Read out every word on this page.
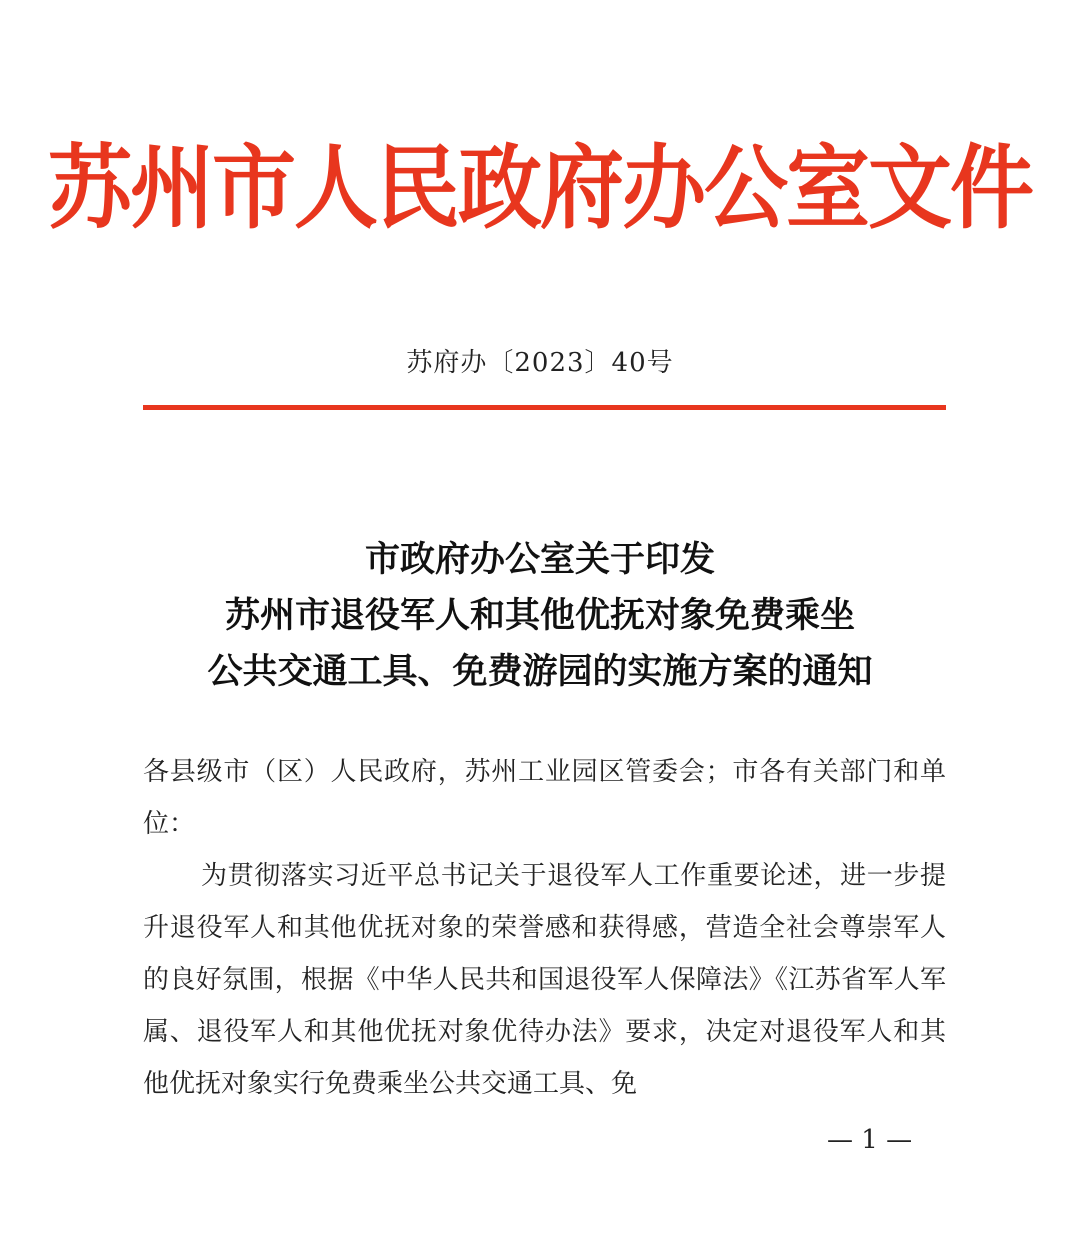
苏州市人民政府办公室文件
苏府办〔2023〕40号
市政府办公室关于印发
苏州市退役军人和其他优抚对象免费乘坐
公共交通工具、免费游园的实施方案的通知
各县级市（区）人民政府，苏州工业园区管委会；市各有关部门和单位：
为贯彻落实习近平总书记关于退役军人工作重要论述，进一步提升退役军人和其他优抚对象的荣誉感和获得感，营造全社会尊崇军人的良好氛围，根据《中华人民共和国退役军人保障法》《江苏省军人军属、退役军人和其他优抚对象优待办法》要求，决定对退役军人和其他优抚对象实行免费乘坐公共交通工具、免
— 1 —
